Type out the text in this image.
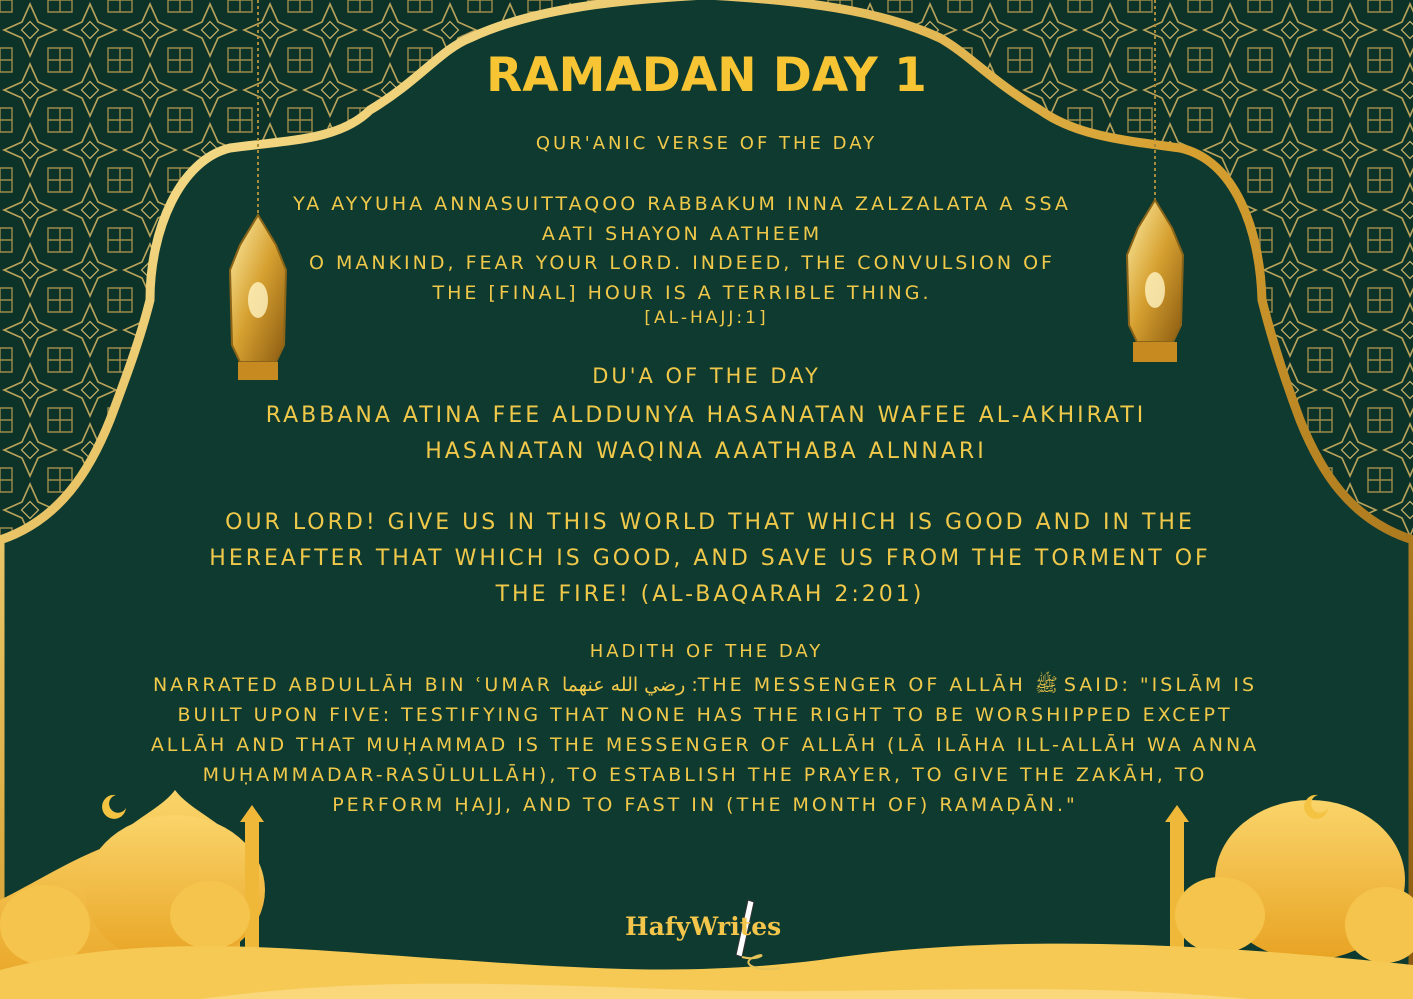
RAMADAN DAY 1

QUR'ANIC VERSE OF THE DAY

YA AYYUHA ANNASUITTAQOO RABBAKUM INNA ZALZALATA A SSA AATI SHAYON AATHEEM

O MANKIND, FEAR YOUR LORD. INDEED, THE CONVULSION OF THE [FINAL] HOUR IS A TERRIBLE THING.

[AL-HAJJ:1]

DU'A OF THE DAY

RABBANA ATINA FEE ALDDUNYA HASANATAN WAFEE AL-AKHIRATI HASANATAN WAQINA AAATHABA ALNNARI

OUR LORD! GIVE US IN THIS WORLD THAT WHICH IS GOOD AND IN THE HEREAFTER THAT WHICH IS GOOD, AND SAVE US FROM THE TORMENT OF THE FIRE! (AL-BAQARAH 2:201)

HADITH OF THE DAY

NARRATED ABDULLĀH BIN ʿUMAR رضي الله عنهما :THE MESSENGER OF ALLĀH ﷺ SAID: "ISLĀM IS BUILT UPON FIVE: TESTIFYING THAT NONE HAS THE RIGHT TO BE WORSHIPPED EXCEPT ALLĀH AND THAT MUḤAMMAD IS THE MESSENGER OF ALLĀH (LĀ ILĀHA ILL-ALLĀH WA ANNA MUḤAMMADAR-RASŪLULLĀH), TO ESTABLISH THE PRAYER, TO GIVE THE ZAKĀH, TO PERFORM ḤAJJ, AND TO FAST IN (THE MONTH OF) RAMAḌĀN."

HafyWrites
